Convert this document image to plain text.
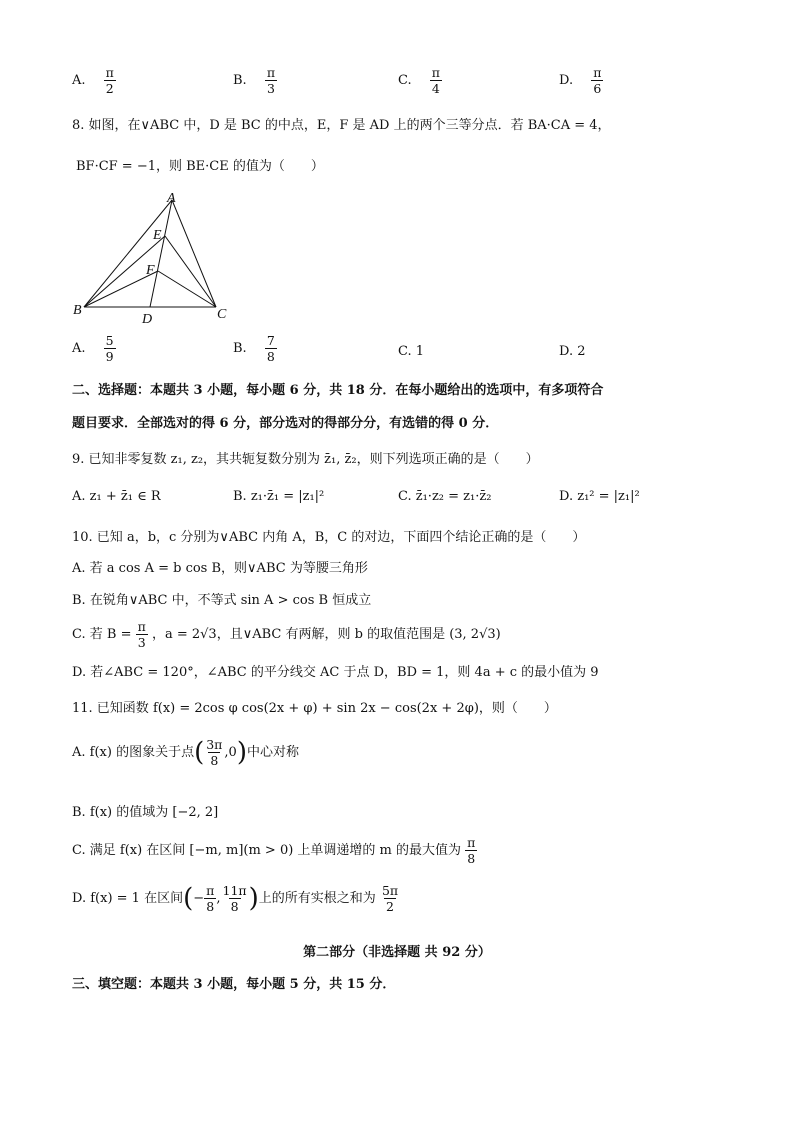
A. $\frac{\pi}{2}$	B. $\frac{\pi}{3}$	C. $\frac{\pi}{4}$	D. $\frac{\pi}{6}$
8. 如图，在∨ABC 中，D 是 BC 的中点，E，F 是 AD 上的两个三等分点．若 BA·CA = 4，
BF·CF = −1，则 BE·CE 的值为（　　）
A
E
F
B
D	C
A. $\frac{5}{9}$	B. $\frac{7}{8}$	C. 1	D. 2
二、选择题：本题共 3 小题，每小题 6 分，共 18 分．在每小题给出的选项中，有多项符合
题目要求．全部选对的得 6 分，部分选对的得部分分，有选错的得 0 分．
9. 已知非零复数 z₁, z₂，其共轭复数分别为 z̄₁, z̄₂，则下列选项正确的是（　　）
A. z₁ + z̄₁ ∈ R	B. z₁·z̄₁ = |z₁|²	C. z̄₁·z₂ = z₁·z̄₂	D. z₁² = |z₁|²
10. 已知 a，b，c 分别为∨ABC 内角 A，B，C 的对边，下面四个结论正确的是（　　）
A. 若 a cos A = b cos B，则∨ABC 为等腰三角形
B. 在锐角∨ABC 中，不等式 sin A > cos B 恒成立
C. 若 $B = \frac{\pi}{3}$ ，a = 2√3，且∨ABC 有两解，则 b 的取值范围是 (3, 2√3)
D. 若∠ABC = 120°，∠ABC 的平分线交 AC 于点 D，BD = 1，则 4a + c 的最小值为 9
11. 已知函数 f(x) = 2cos φ cos(2x + φ) + sin 2x − cos(2x + 2φ)，则（　　）
A. f(x) 的图象关于点( $\frac{3\pi}{8} ,0$)中心对称
B. f(x) 的值域为 [−2, 2]
C. 满足 f(x) 在区间 [−m, m](m > 0) 上单调递增的 m 的最大值为 $\frac{\pi}{8}$
D. f(x) = 1 在区间(− $\frac{\pi}{8}$ , $\frac{11\pi}{8}$ )上的所有实根之和为 $\frac{5\pi}{2}$
第二部分（非选择题 共 92 分）
三、填空题：本题共 3 小题，每小题 5 分，共 15 分．
